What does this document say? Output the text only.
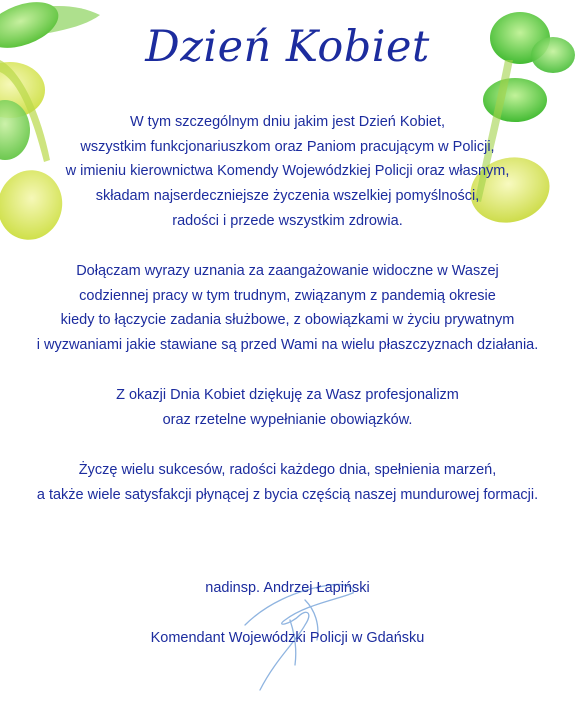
Dzień Kobiet
W tym szczególnym dniu jakim jest Dzień Kobiet,
wszystkim funkcjonariuszkom oraz Paniom pracującym w Policji,
w imieniu kierownictwa Komendy Wojewódzkiej Policji oraz własnym,
składam najserdeczniejsze życzenia wszelkiej pomyślności,
radości i przede wszystkim zdrowia.
Dołączam wyrazy uznania za zaangażowanie widoczne w Waszej
codziennej pracy w tym trudnym, związanym z pandemią okresie
kiedy to łączycie zadania służbowe, z obowiązkami w życiu prywatnym
i wyzwaniami jakie stawiane są przed Wami na wielu płaszczyznach działania.
Z okazji Dnia Kobiet dziękuję za Wasz profesjonalizm
oraz rzetelne wypełnianie obowiązków.
Życzę wielu sukcesów, radości każdego dnia, spełnienia marzeń,
a także wiele satysfakcji płynącej z bycia częścią naszej mundurowej formacji.
nadinsp. Andrzej Łapiński
Komendant Wojewódzki Policji w Gdańsku
